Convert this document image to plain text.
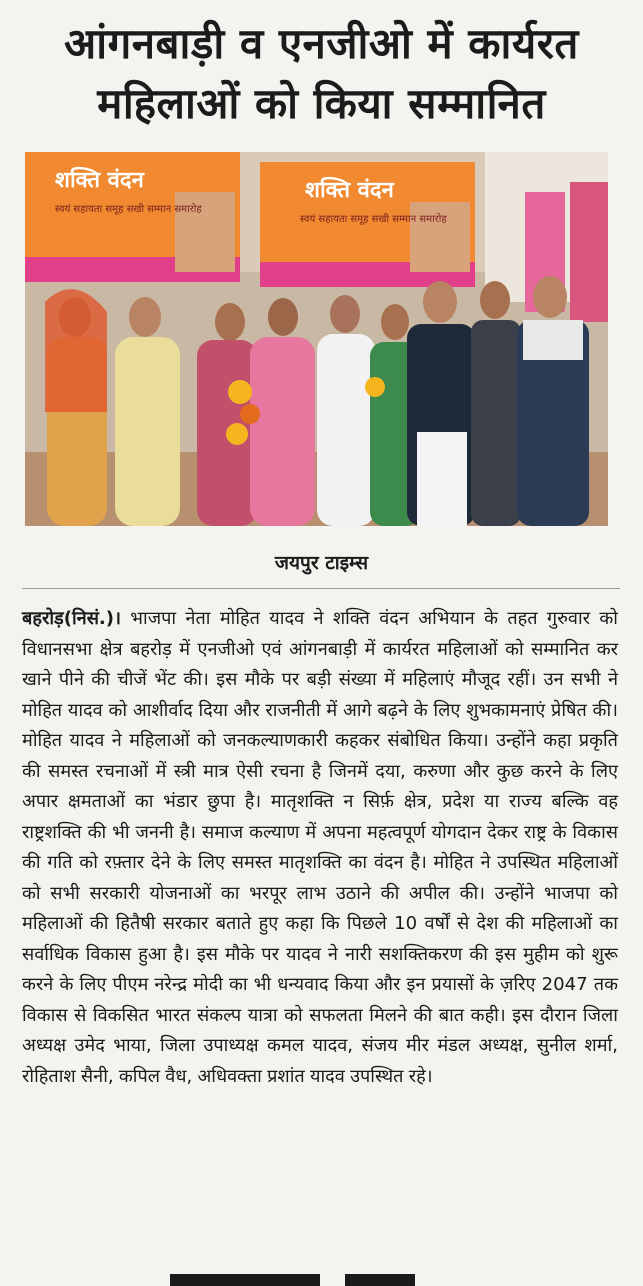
आंगनबाड़ी व एनजीओ में कार्यरत
महिलाओं को किया सम्मानित
शक्ति वंदन
स्वयं सहायता समूह सखी सम्मान समारोह
शक्ति वंदन
स्वयं सहायता समूह सखी सम्मान समारोह
जयपुर टाइम्स
बहरोड़(निसं.)। भाजपा नेता मोहित यादव ने शक्ति वंदन अभियान के तहत गुरुवार को विधानसभा क्षेत्र बहरोड़ में एनजीओ एवं आंगनबाड़ी में कार्यरत महिलाओं को सम्मानित कर खाने पीने की चीजें भेंट की। इस मौके पर बड़ी संख्या में महिलाएं मौजूद रहीं। उन सभी ने मोहित यादव को आशीर्वाद दिया और राजनीती में आगे बढ़ने के लिए शुभकामनाएं प्रेषित की। मोहित यादव ने महिलाओं को जनकल्याणकारी कहकर संबोधित किया। उन्होंने कहा प्रकृति की समस्त रचनाओं में स्त्री मात्र ऐसी रचना है जिनमें दया, करुणा और कुछ करने के लिए अपार क्षमताओं का भंडार छुपा है। मातृशक्ति न सिर्फ़ क्षेत्र, प्रदेश या राज्य बल्कि वह राष्ट्रशक्ति की भी जननी है। समाज कल्याण में अपना महत्वपूर्ण योगदान देकर राष्ट्र के विकास की गति को रफ़्तार देने के लिए समस्त मातृशक्ति का वंदन है। मोहित ने उपस्थित महिलाओं को सभी सरकारी योजनाओं का भरपूर लाभ उठाने की अपील की। उन्होंने भाजपा को महिलाओं की हितैषी सरकार बताते हुए कहा कि पिछले 10 वर्षों से देश की महिलाओं का सर्वाधिक विकास हुआ है। इस मौके पर यादव ने नारी सशक्तिकरण की इस मुहीम को शुरू करने के लिए पीएम नरेन्द्र मोदी का भी धन्यवाद किया और इन प्रयासों के ज़रिए 2047 तक विकास से विकसित भारत संकल्प यात्रा को सफलता मिलने की बात कही। इस दौरान जिला अध्यक्ष उमेद भाया, जिला उपाध्यक्ष कमल यादव, संजय मीर मंडल अध्यक्ष, सुनील शर्मा, रोहिताश सैनी, कपिल वैध, अधिवक्ता प्रशांत यादव उपस्थित रहे।
